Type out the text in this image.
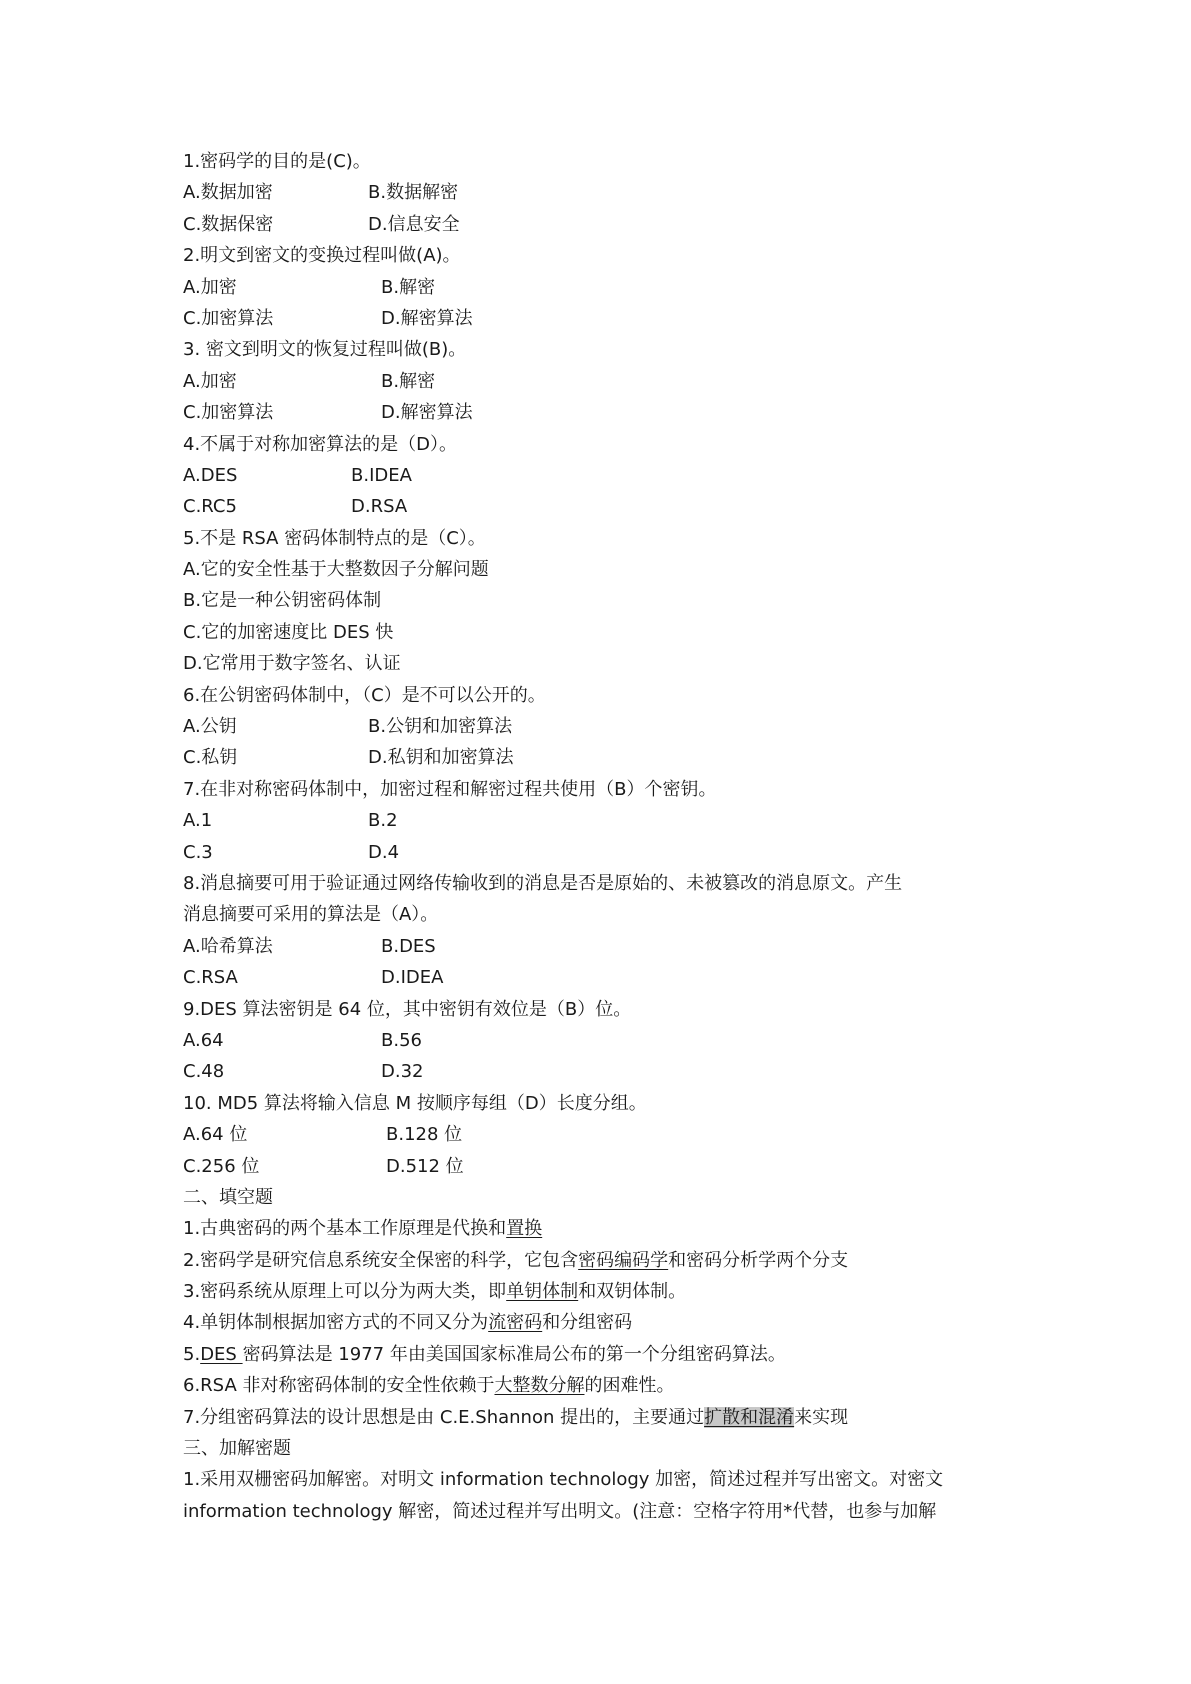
1.密码学的目的是(C)。
A.数据加密	B.数据解密
C.数据保密	D.信息安全
2.明文到密文的变换过程叫做(A)。
A.加密	B.解密
C.加密算法	D.解密算法
3. 密文到明文的恢复过程叫做(B)。
A.加密	B.解密
C.加密算法	D.解密算法
4.不属于对称加密算法的是（D）。
A.DES	B.IDEA
C.RC5	D.RSA
5.不是 RSA 密码体制特点的是（C）。
A.它的安全性基于大整数因子分解问题
B.它是一种公钥密码体制
C.它的加密速度比 DES 快
D.它常用于数字签名、认证
6.在公钥密码体制中，（C）是不可以公开的。
A.公钥	B.公钥和加密算法
C.私钥	D.私钥和加密算法
7.在非对称密码体制中，加密过程和解密过程共使用（B）个密钥。
A.1	B.2
C.3	D.4
8.消息摘要可用于验证通过网络传输收到的消息是否是原始的、未被篡改的消息原文。产生
消息摘要可采用的算法是（A）。
A.哈希算法	B.DES
C.RSA	D.IDEA
9.DES 算法密钥是 64 位，其中密钥有效位是（B）位。
A.64	B.56
C.48	D.32
10. MD5 算法将输入信息 M 按顺序每组（D）长度分组。
A.64 位	B.128 位
C.256 位	D.512 位
二、填空题
1.古典密码的两个基本工作原理是代换和置换
2.密码学是研究信息系统安全保密的科学，它包含密码编码学和密码分析学两个分支
3.密码系统从原理上可以分为两大类，即单钥体制和双钥体制。
4.单钥体制根据加密方式的不同又分为流密码和分组密码
5.DES 密码算法是 1977 年由美国国家标准局公布的第一个分组密码算法。
6.RSA 非对称密码体制的安全性依赖于大整数分解的困难性。
7.分组密码算法的设计思想是由 C.E.Shannon 提出的，主要通过扩散和混淆来实现
三、加解密题
1.采用双栅密码加解密。对明文 information technology 加密，简述过程并写出密文。对密文
information technology 解密，简述过程并写出明文。(注意：空格字符用*代替，也参与加解
